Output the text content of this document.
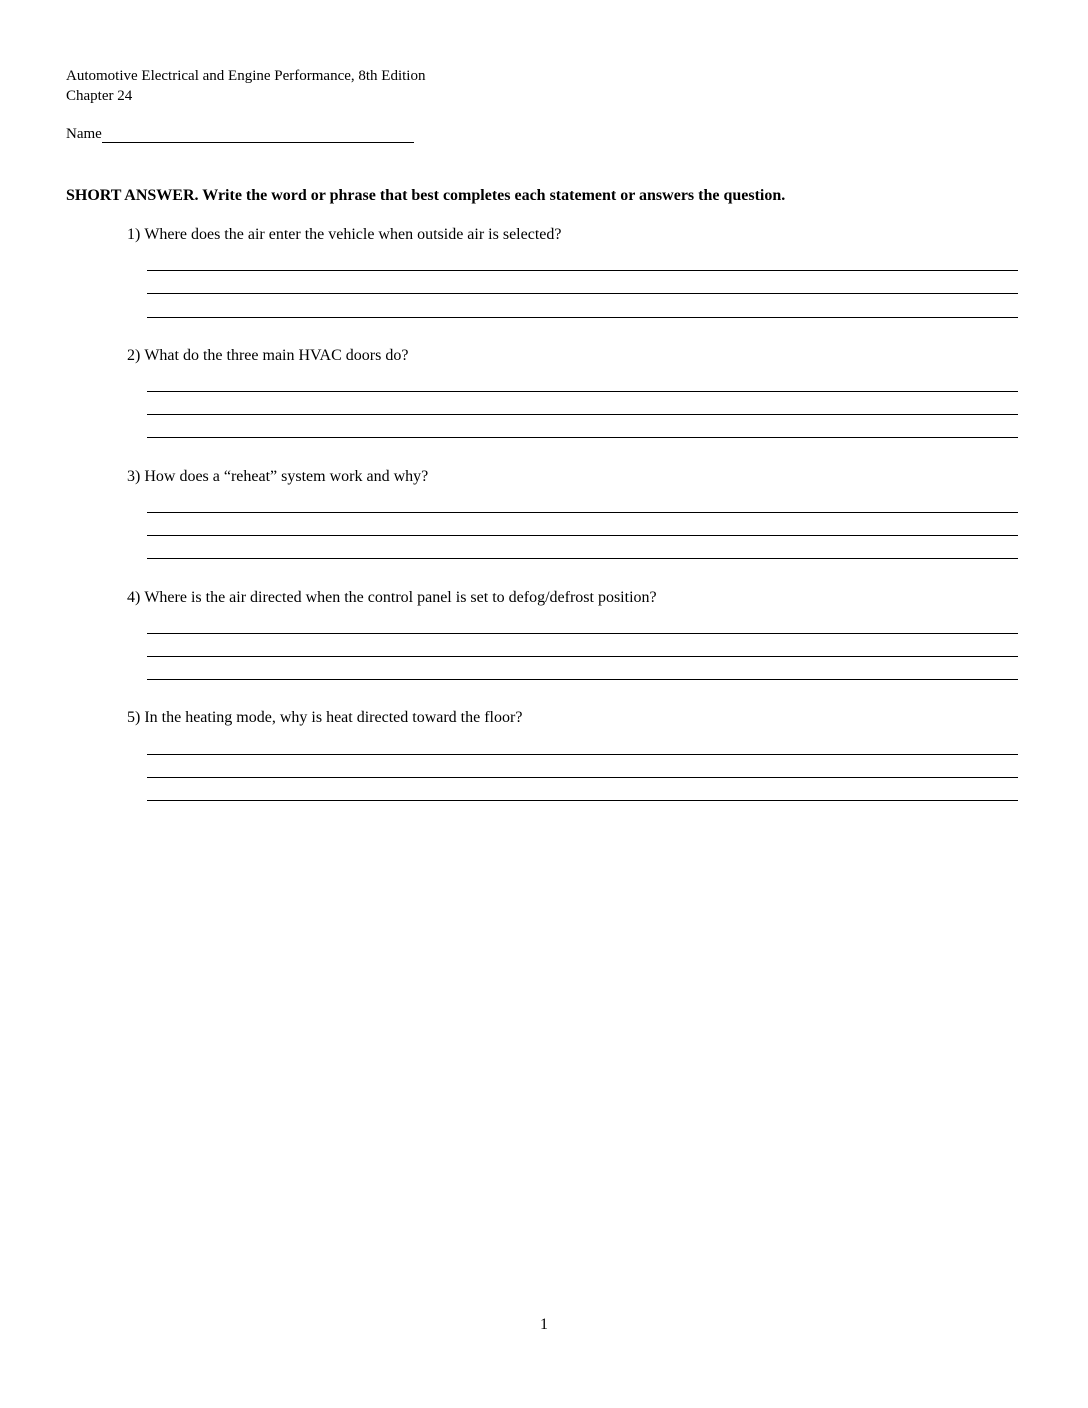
Automotive Electrical and Engine Performance, 8th Edition
Chapter 24
Name
SHORT ANSWER. Write the word or phrase that best completes each statement or answers the question.
1) Where does the air enter the vehicle when outside air is selected?
2) What do the three main HVAC doors do?
3) How does a “reheat” system work and why?
4) Where is the air directed when the control panel is set to defog/defrost position?
5) In the heating mode, why is heat directed toward the floor?
1
